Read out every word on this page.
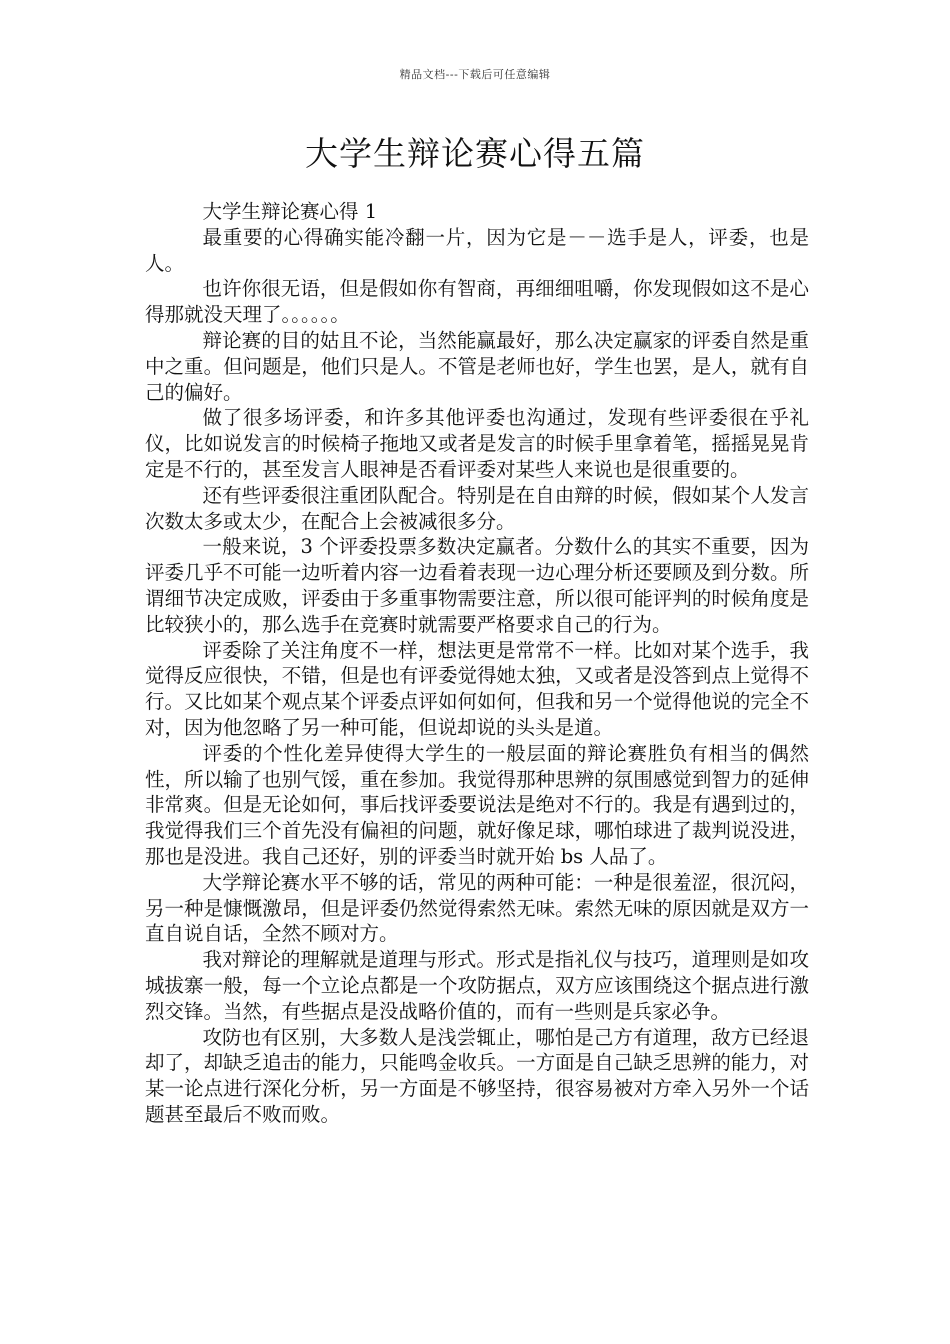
精品文档---下载后可任意编辑
大学生辩论赛心得五篇

大学生辩论赛心得 1

最重要的心得确实能冷翻一片，因为它是－－选手是人，评委，也是人。

也许你很无语，但是假如你有智商，再细细咀嚼，你发现假如这不是心得那就没天理了。。。。。。

辩论赛的目的姑且不论，当然能赢最好，那么决定赢家的评委自然是重中之重。但问题是，他们只是人。不管是老师也好，学生也罢，是人，就有自己的偏好。

做了很多场评委，和许多其他评委也沟通过，发现有些评委很在乎礼仪，比如说发言的时候椅子拖地又或者是发言的时候手里拿着笔，摇摇晃晃肯定是不行的，甚至发言人眼神是否看评委对某些人来说也是很重要的。

还有些评委很注重团队配合。特别是在自由辩的时候，假如某个人发言次数太多或太少，在配合上会被减很多分。

一般来说，3 个评委投票多数决定赢者。分数什么的其实不重要，因为评委几乎不可能一边听着内容一边看着表现一边心理分析还要顾及到分数。所谓细节决定成败，评委由于多重事物需要注意，所以很可能评判的时候角度是比较狭小的，那么选手在竞赛时就需要严格要求自己的行为。

评委除了关注角度不一样，想法更是常常不一样。比如对某个选手，我觉得反应很快，不错，但是也有评委觉得她太独，又或者是没答到点上觉得不行。又比如某个观点某个评委点评如何如何，但我和另一个觉得他说的完全不对，因为他忽略了另一种可能，但说却说的头头是道。

评委的个性化差异使得大学生的一般层面的辩论赛胜负有相当的偶然性，所以输了也别气馁，重在参加。我觉得那种思辨的氛围感觉到智力的延伸非常爽。但是无论如何，事后找评委要说法是绝对不行的。我是有遇到过的，我觉得我们三个首先没有偏袒的问题，就好像足球，哪怕球进了裁判说没进，那也是没进。我自己还好，别的评委当时就开始 bs 人品了。

大学辩论赛水平不够的话，常见的两种可能：一种是很羞涩，很沉闷，另一种是慷慨激昂，但是评委仍然觉得索然无味。索然无味的原因就是双方一直自说自话，全然不顾对方。

我对辩论的理解就是道理与形式。形式是指礼仪与技巧，道理则是如攻城拔寨一般，每一个立论点都是一个攻防据点，双方应该围绕这个据点进行激烈交锋。当然，有些据点是没战略价值的，而有一些则是兵家必争。

攻防也有区别，大多数人是浅尝辄止，哪怕是己方有道理，敌方已经退却了，却缺乏追击的能力，只能鸣金收兵。一方面是自己缺乏思辨的能力，对某一论点进行深化分析，另一方面是不够坚持，很容易被对方牵入另外一个话题甚至最后不败而败。
